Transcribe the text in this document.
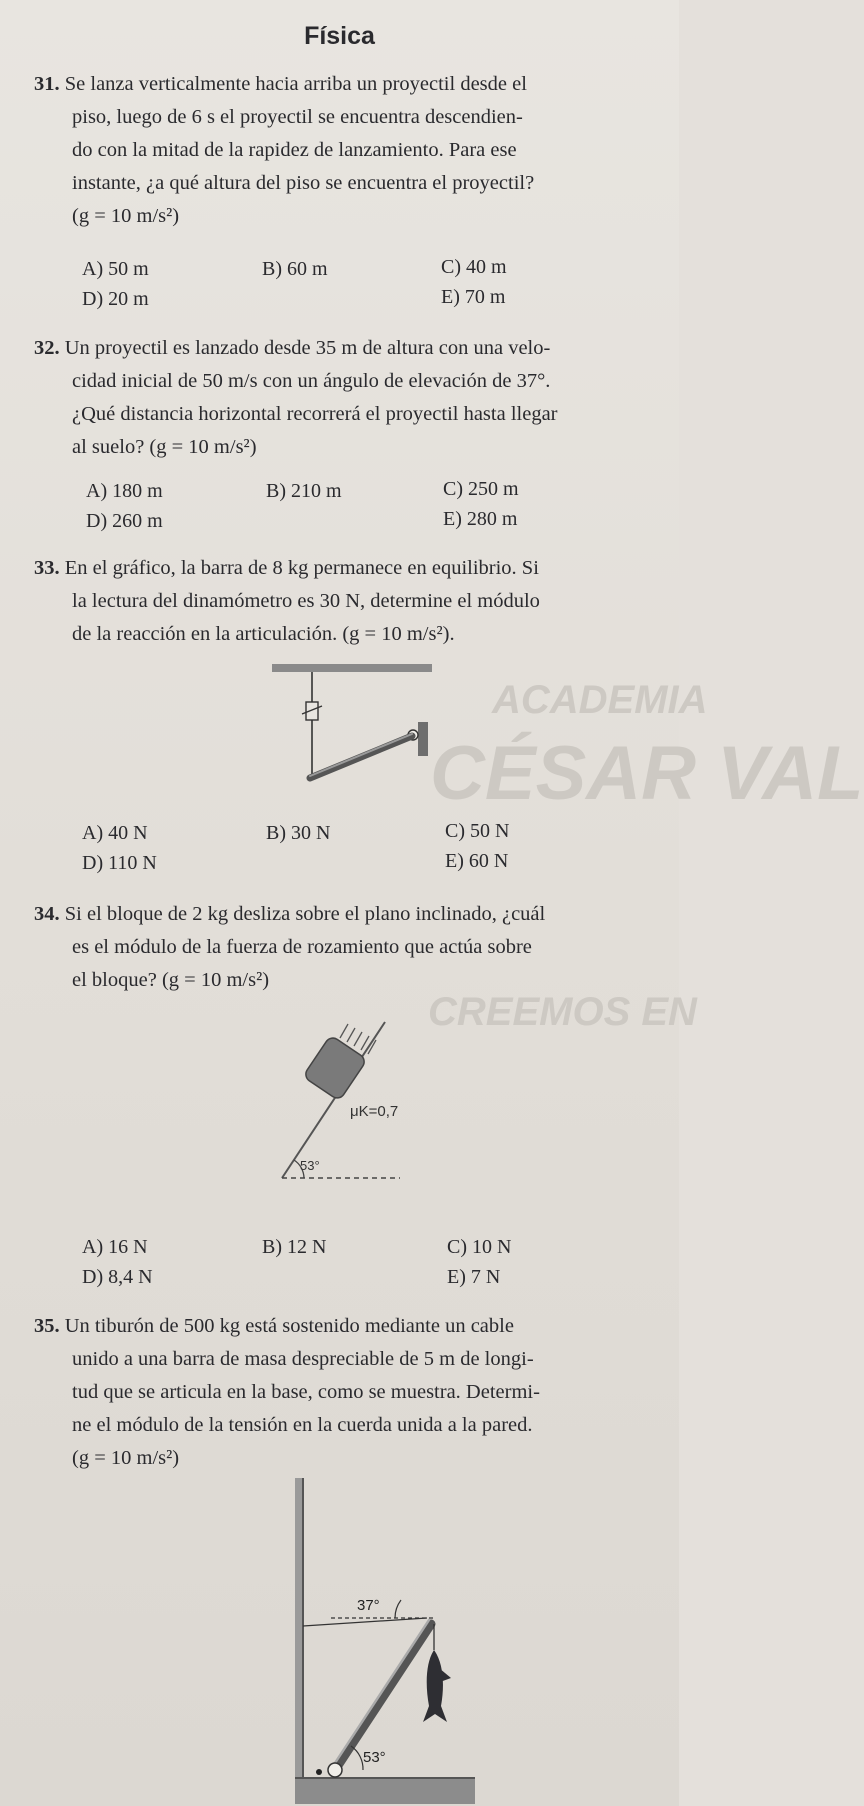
ACADEMIA
CÉSAR VAL
CREEMOS EN
Física
31. Se lanza verticalmente hacia arriba un proyectil desde el
piso, luego de 6 s el proyectil se encuentra descendien-
do con la mitad de la rapidez de lanzamiento. Para ese
instante, ¿a qué altura del piso se encuentra el proyectil?
(g = 10 m/s²)
A) 50 m	B) 60 m	C) 40 m
D) 20 m	E) 70 m
32. Un proyectil es lanzado desde 35 m de altura con una velo-
cidad inicial de 50 m/s con un ángulo de elevación de 37°.
¿Qué distancia horizontal recorrerá el proyectil hasta llegar
al suelo? (g = 10 m/s²)
A) 180 m	B) 210 m	C) 250 m
D) 260 m	E) 280 m
33. En el gráfico, la barra de 8 kg permanece en equilibrio. Si
la lectura del dinamómetro es 30 N, determine el módulo
de la reacción en la articulación. (g = 10 m/s²).
A) 40 N	B) 30 N	C) 50 N
D) 110 N	E) 60 N
34. Si el bloque de 2 kg desliza sobre el plano inclinado, ¿cuál
es el módulo de la fuerza de rozamiento que actúa sobre
el bloque? (g = 10 m/s²)
μK=0,7
53°
A) 16 N	B) 12 N	C) 10 N
D) 8,4 N	E) 7 N
35. Un tiburón de 500 kg está sostenido mediante un cable
unido a una barra de masa despreciable de 5 m de longi-
tud que se articula en la base, como se muestra. Determi-
ne el módulo de la tensión en la cuerda unida a la pared.
(g = 10 m/s²)
37°
53°
